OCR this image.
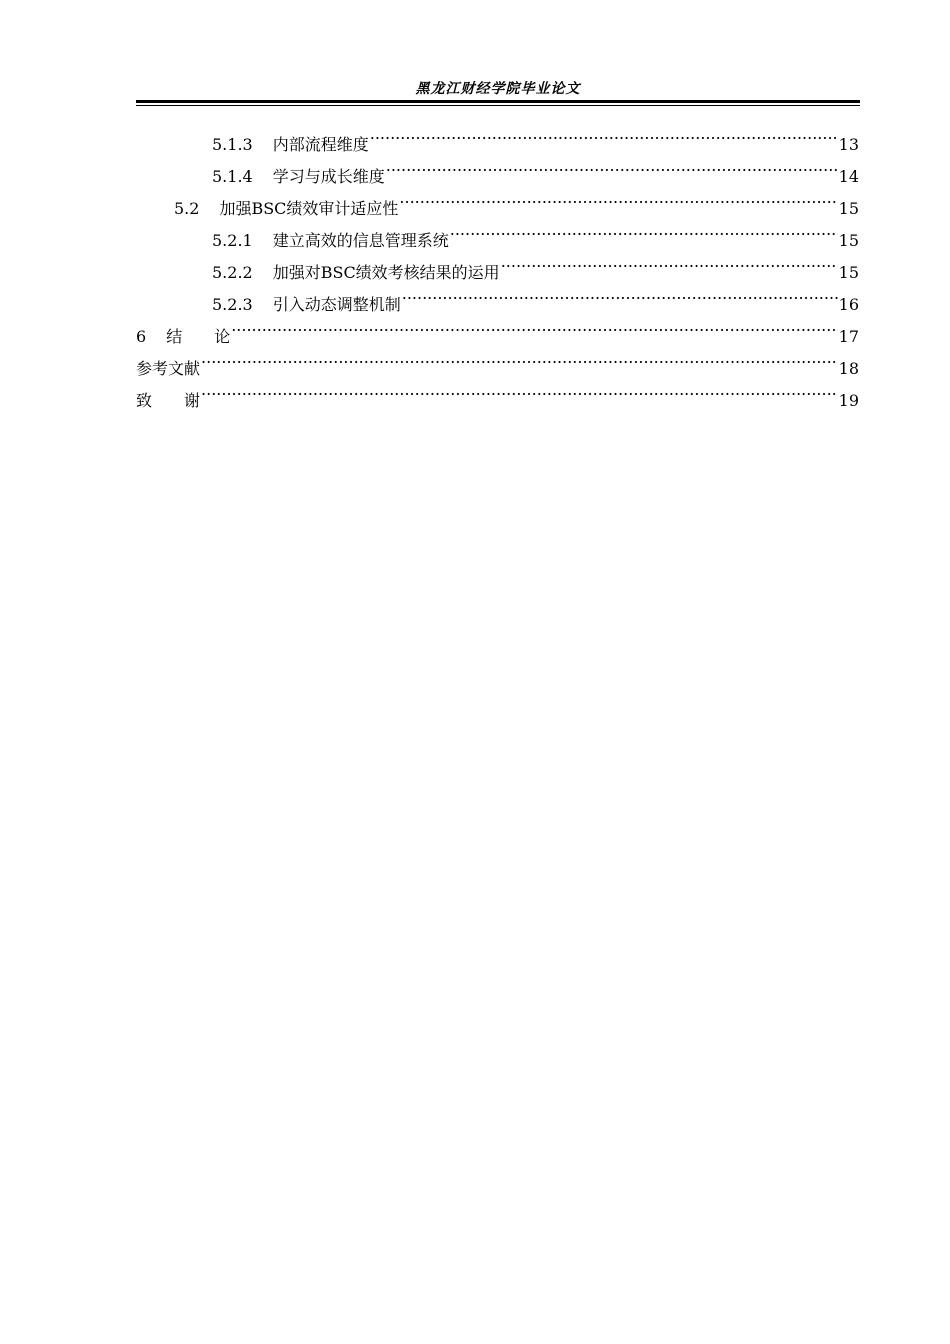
黑龙江财经学院毕业论文
5.1.3 内部流程维度 .....	13
5.1.4 学习与成长维度 .....	14
5.2 加强BSC绩效审计适应性 .....	15
5.2.1 建立高效的信息管理系统 .....	15
5.2.2 加强对BSC绩效考核结果的运用 .....	15
5.2.3 引入动态调整机制 .....	16
6 结　　论 .....	17
参考文献 .....	18
致　　谢 .....	19
